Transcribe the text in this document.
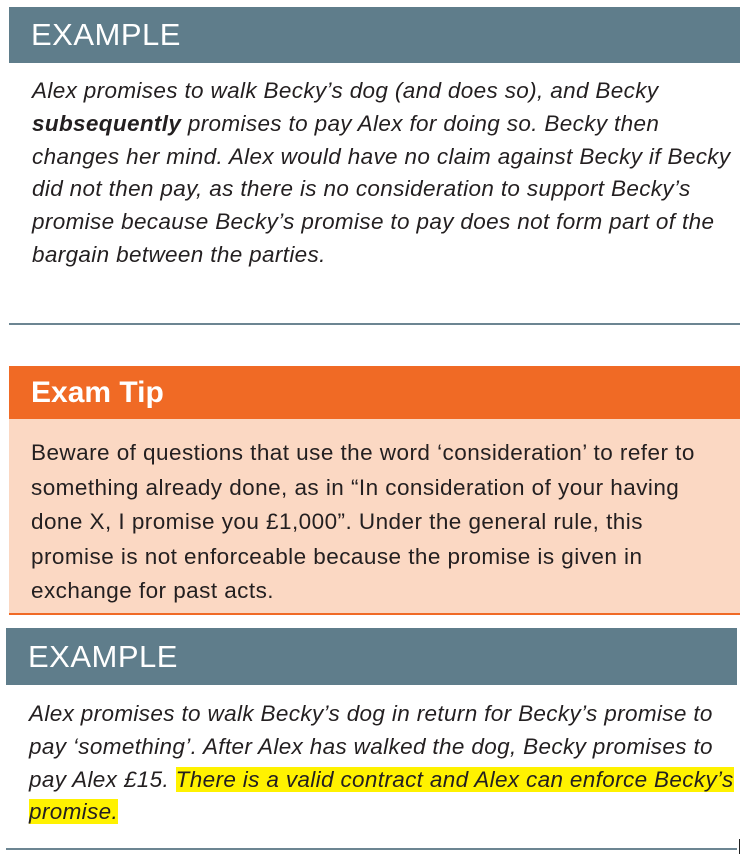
EXAMPLE

Alex promises to walk Becky’s dog (and does so), and Becky subsequently promises to pay Alex for doing so. Becky then changes her mind. Alex would have no claim against Becky if Becky did not then pay, as there is no consideration to support Becky’s promise because Becky’s promise to pay does not form part of the bargain between the parties.

Exam Tip

Beware of questions that use the word ‘consideration’ to refer to something already done, as in “In consideration of your having done X, I promise you £1,000”. Under the general rule, this promise is not enforceable because the promise is given in exchange for past acts.

EXAMPLE

Alex promises to walk Becky’s dog in return for Becky’s promise to pay ‘something’. After Alex has walked the dog, Becky promises to pay Alex £15. There is a valid contract and Alex can enforce Becky’s promise.
